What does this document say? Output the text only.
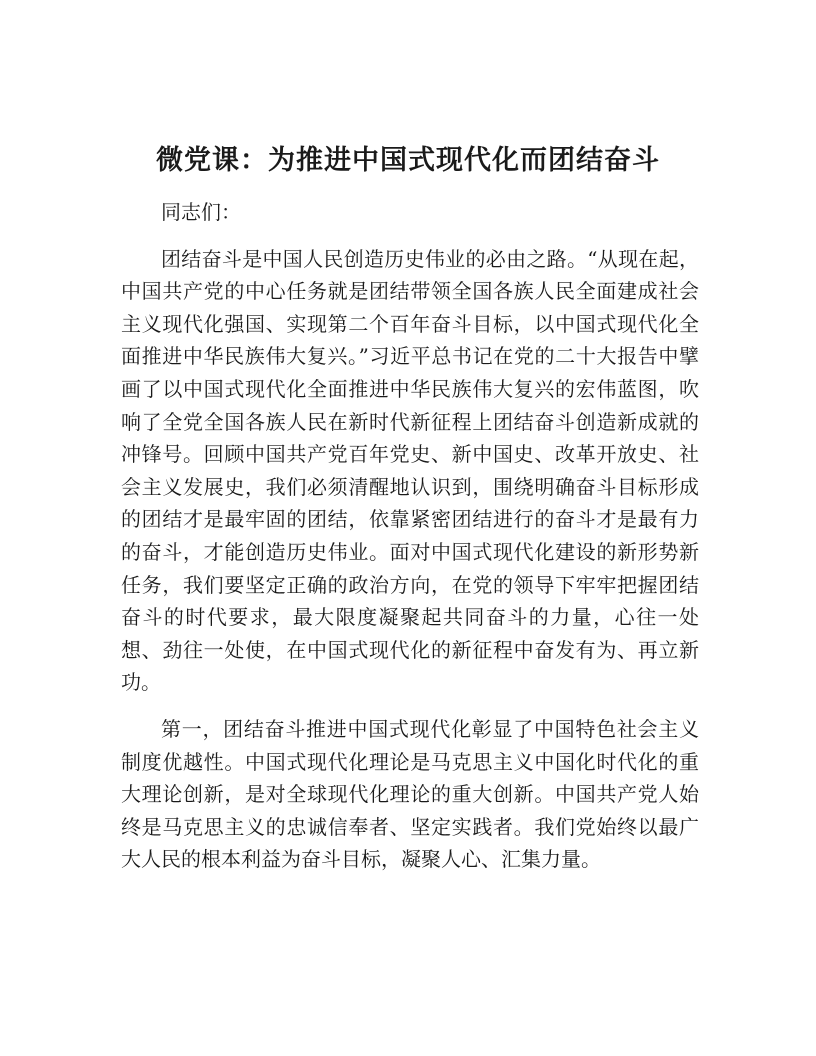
微党课：为推进中国式现代化而团结奋斗

同志们：

团结奋斗是中国人民创造历史伟业的必由之路。“从现在起，中国共产党的中心任务就是团结带领全国各族人民全面建成社会主义现代化强国、实现第二个百年奋斗目标，以中国式现代化全面推进中华民族伟大复兴。”习近平总书记在党的二十大报告中擘画了以中国式现代化全面推进中华民族伟大复兴的宏伟蓝图，吹响了全党全国各族人民在新时代新征程上团结奋斗创造新成就的冲锋号。回顾中国共产党百年党史、新中国史、改革开放史、社会主义发展史，我们必须清醒地认识到，围绕明确奋斗目标形成的团结才是最牢固的团结，依靠紧密团结进行的奋斗才是最有力的奋斗，才能创造历史伟业。面对中国式现代化建设的新形势新任务，我们要坚定正确的政治方向，在党的领导下牢牢把握团结奋斗的时代要求，最大限度凝聚起共同奋斗的力量，心往一处想、劲往一处使，在中国式现代化的新征程中奋发有为、再立新功。

第一，团结奋斗推进中国式现代化彰显了中国特色社会主义制度优越性。中国式现代化理论是马克思主义中国化时代化的重大理论创新，是对全球现代化理论的重大创新。中国共产党人始终是马克思主义的忠诚信奉者、坚定实践者。我们党始终以最广大人民的根本利益为奋斗目标，凝聚人心、汇集力量。
